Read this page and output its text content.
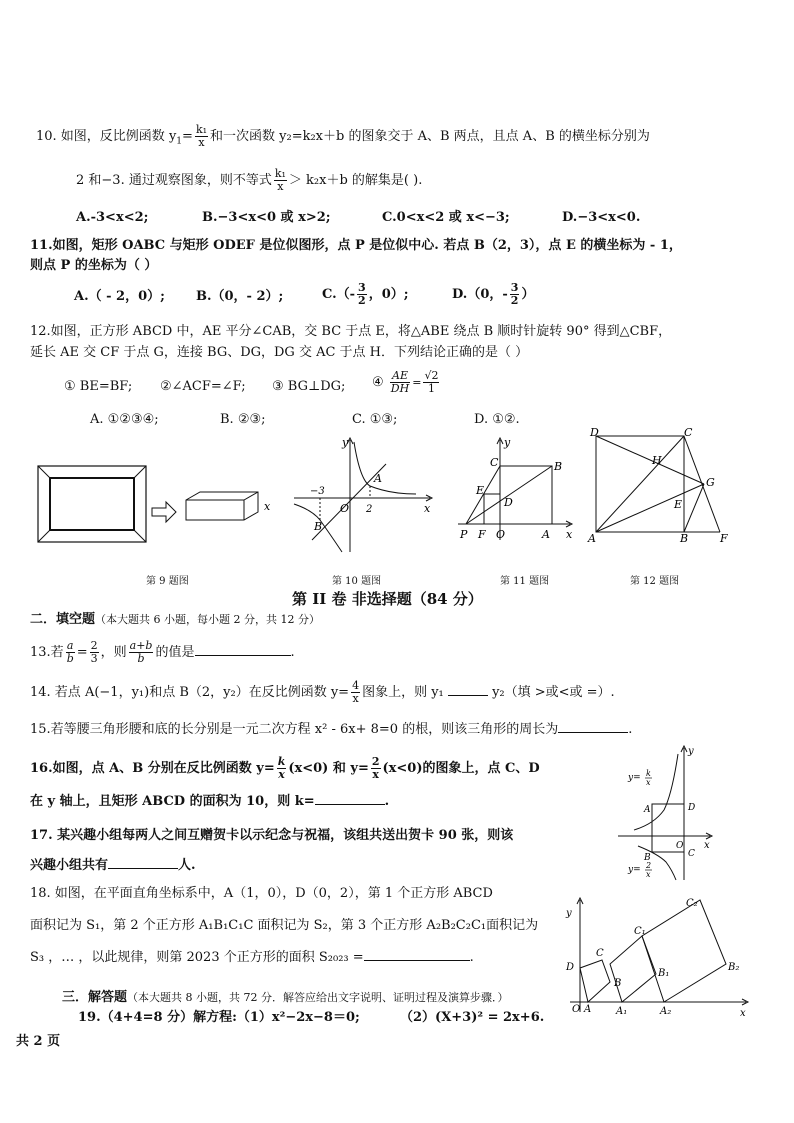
10. 如图，反比例函数 $y_1= \frac{\text{k₁}}{x}$ 和一次函数 y₂=k₂x＋b 的图象交于 A、B 两点，且点 A、B 的横坐标分别为
2 和−3. 通过观察图象，则不等式 $\frac{\text{k₁}}{x} > k_2x+b$ 的解集是( ).
A.-3<x<2;	B.−3<x<0 或 x>2;	C.0<x<2 或 x<−3;	D.−3<x<0.
11.如图，矩形 OABC 与矩形 ODEF 是位似图形，点 P 是位似中心. 若点 B（2，3），点 E 的横坐标为 - 1，
则点 P 的坐标为（ ）
A.（ - 2，0）; B.（0，- 2）;	$C.(- \frac{3}{2}$ ，0）;	D.（0，- $\frac{3}{2}$ ）
12.如图，正方形 ABCD 中，AE 平分∠CAB，交 BC 于点 E，将△ABE 绕点 B 顺时针旋转 90° 得到△CBF，
延长 AE 交 CF 于点 G，连接 BG、DG，DG 交 AC 于点 H．下列结论正确的是（ ）
① BE=BF; ②∠ACF=∠F; ③ BG⊥DG; ④ $\frac{AE}{DH} = \frac{√2}{1}$
A. ①②③④;	B. ②③;	C. ①③;	D. ①②.
x
y
x
A
B
O
−3
2
y
x
C	B
E
D
P F O	A
D	C
H
G
E
A	B	F
第 9 题图	第 10 题图	第 11 题图	第 12 题图
第 II 卷 非选择题（84 分）
二．填空题（本大题共 6 小题，每小题 2 分，共 12 分）
13.若 $\frac{a}{b} = \frac{2}{3}$ ，则 $\frac{a+b}{b}$ 的值是	.
14. 若点 A(−1，y₁)和点 B（2，y₂）在反比例函数 $y= \frac{4}{x}$ 图象上，则 y₁	y₂（填 >或<或 =）.
15.若等腰三角形腰和底的长分别是一元二次方程 x² - 6x+ 8=0 的根，则该三角形的周长为	.
16.如图，点 A、B 分别在反比例函数 $y= \frac{k}{x} (x<0)$ 和 $y= \frac{2}{x} (x<0)$的图象上，点 C、D
在 y 轴上，且矩形 ABCD 的面积为 10，则 k=	.
y
x
y= k
x
A	D
B
O
C
y= 2
x
17. 某兴趣小组每两人之间互赠贺卡以示纪念与祝福，该组共送出贺卡 90 张，则该
兴趣小组共有	人.
18. 如图，在平面直角坐标系中，A（1，0），D（0，2），第 1 个正方形 ABCD
面积记为 S₁，第 2 个正方形 A₁B₁C₁C 面积记为 S₂，第 3 个正方形 A₂B₂C₂C₁面积记为
S₃ ，… ，以此规律，则第 2023 个正方形的面积 S₂₀₂₃ =	.
O A A₁	A₂
D
B
C
B₁
C₁
B₂
C₂
y
x
三．解答题（本大题共 8 小题，共 72 分．解答应给出文字说明、证明过程及演算步骤．）
19.（4+4=8 分）解方程:（1）x²−2x−8＝0;	（2）(X+3)² = 2x+6.
共 2 页
